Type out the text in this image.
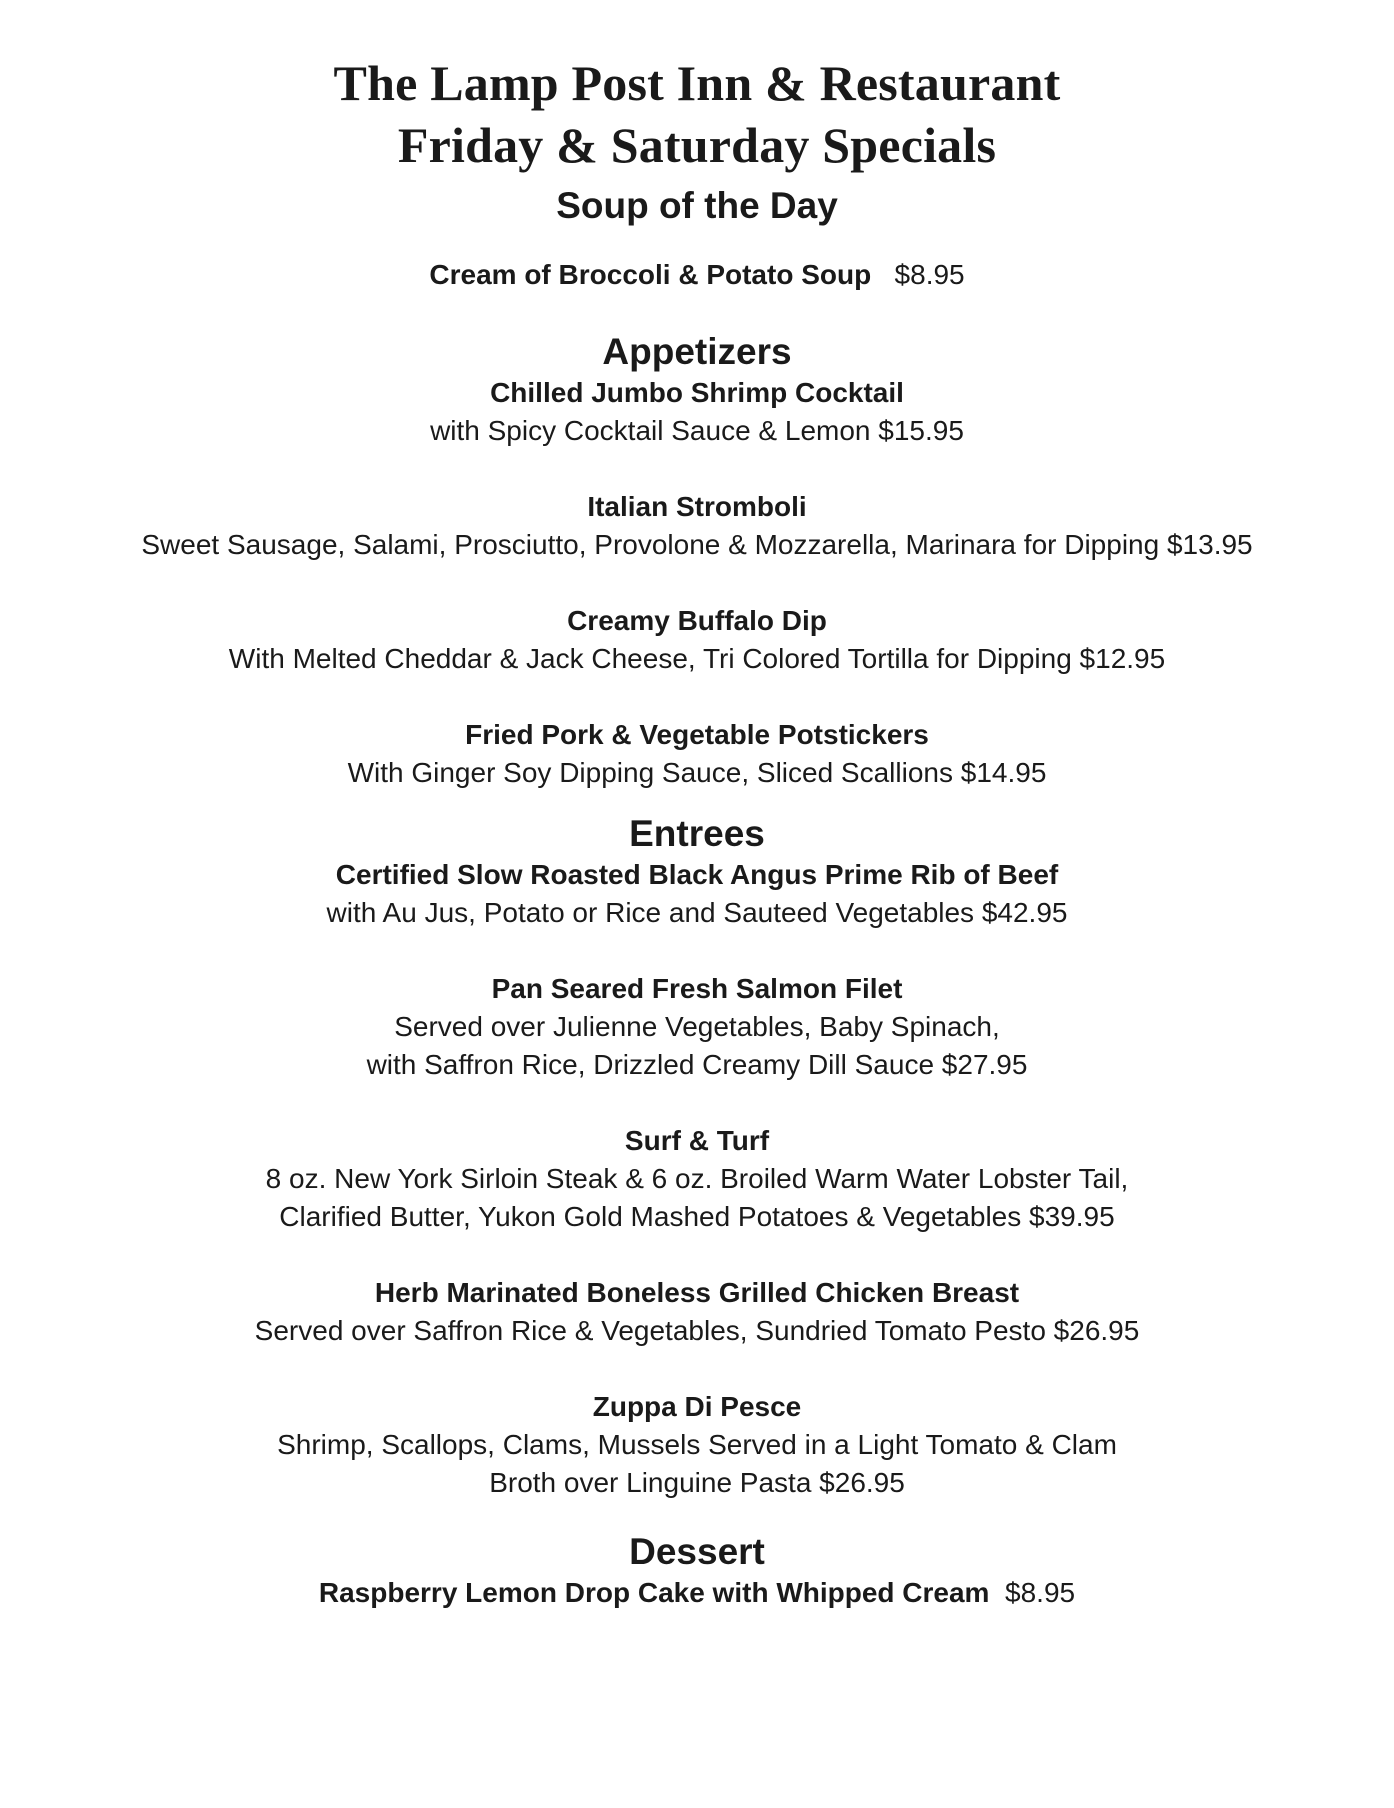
The Lamp Post Inn & Restaurant
Friday & Saturday Specials
Soup of the Day

Cream of Broccoli & Potato Soup $8.95

Appetizers

Chilled Jumbo Shrimp Cocktail

with Spicy Cocktail Sauce & Lemon $15.95

Italian Stromboli

Sweet Sausage, Salami, Prosciutto, Provolone & Mozzarella, Marinara for Dipping $13.95

Creamy Buffalo Dip

With Melted Cheddar & Jack Cheese, Tri Colored Tortilla for Dipping $12.95

Fried Pork & Vegetable Potstickers

With Ginger Soy Dipping Sauce, Sliced Scallions $14.95

Entrees

Certified Slow Roasted Black Angus Prime Rib of Beef

with Au Jus, Potato or Rice and Sauteed Vegetables $42.95

Pan Seared Fresh Salmon Filet

Served over Julienne Vegetables, Baby Spinach,

with Saffron Rice, Drizzled Creamy Dill Sauce $27.95

Surf & Turf

8 oz. New York Sirloin Steak & 6 oz. Broiled Warm Water Lobster Tail,

Clarified Butter, Yukon Gold Mashed Potatoes & Vegetables $39.95

Herb Marinated Boneless Grilled Chicken Breast

Served over Saffron Rice & Vegetables, Sundried Tomato Pesto $26.95

Zuppa Di Pesce

Shrimp, Scallops, Clams, Mussels Served in a Light Tomato & Clam

Broth over Linguine Pasta $26.95

Dessert

Raspberry Lemon Drop Cake with Whipped Cream $8.95
